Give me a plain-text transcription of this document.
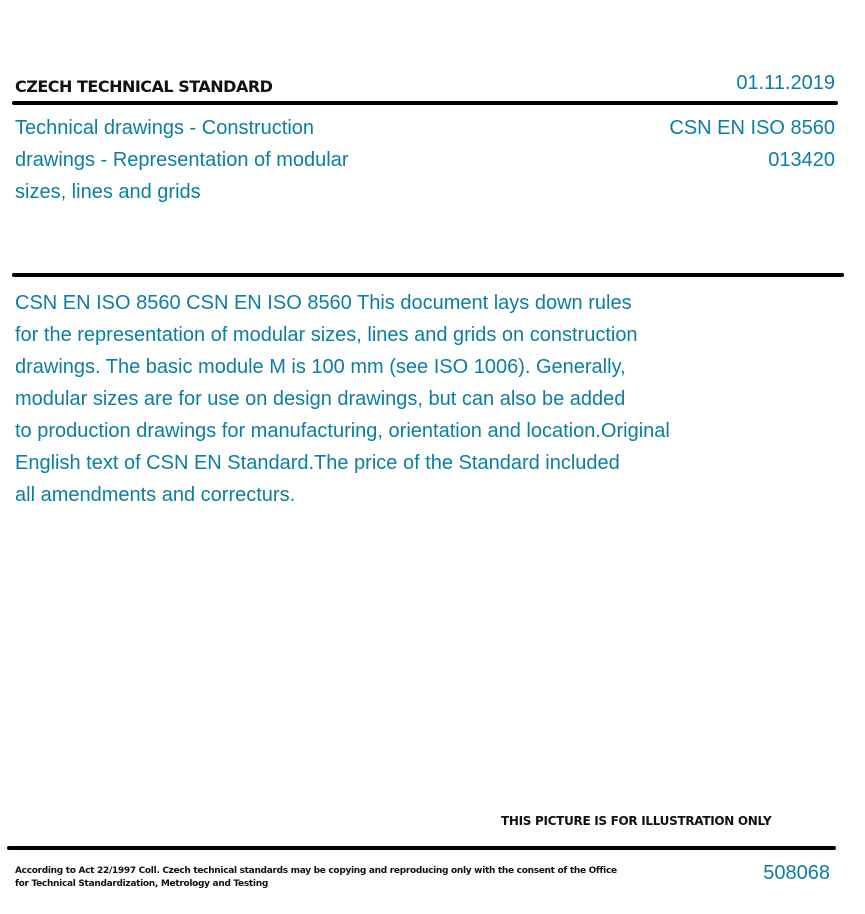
CZECH TECHNICAL STANDARD	01.11.2019
Technical drawings - Construction
drawings - Representation of modular
sizes, lines and grids
CSN EN ISO 8560
013420
CSN EN ISO 8560 CSN EN ISO 8560 This document lays down rules
for the representation of modular sizes, lines and grids on construction
drawings. The basic module M is 100 mm (see ISO 1006). Generally,
modular sizes are for use on design drawings, but can also be added
to production drawings for manufacturing, orientation and location.Original
English text of CSN EN Standard.The price of the Standard included
all amendments and correcturs.
THIS PICTURE IS FOR ILLUSTRATION ONLY
According to Act 22/1997 Coll. Czech technical standards may be copying and reproducing only with the consent of the Office
for Technical Standardization, Metrology and Testing	508068
